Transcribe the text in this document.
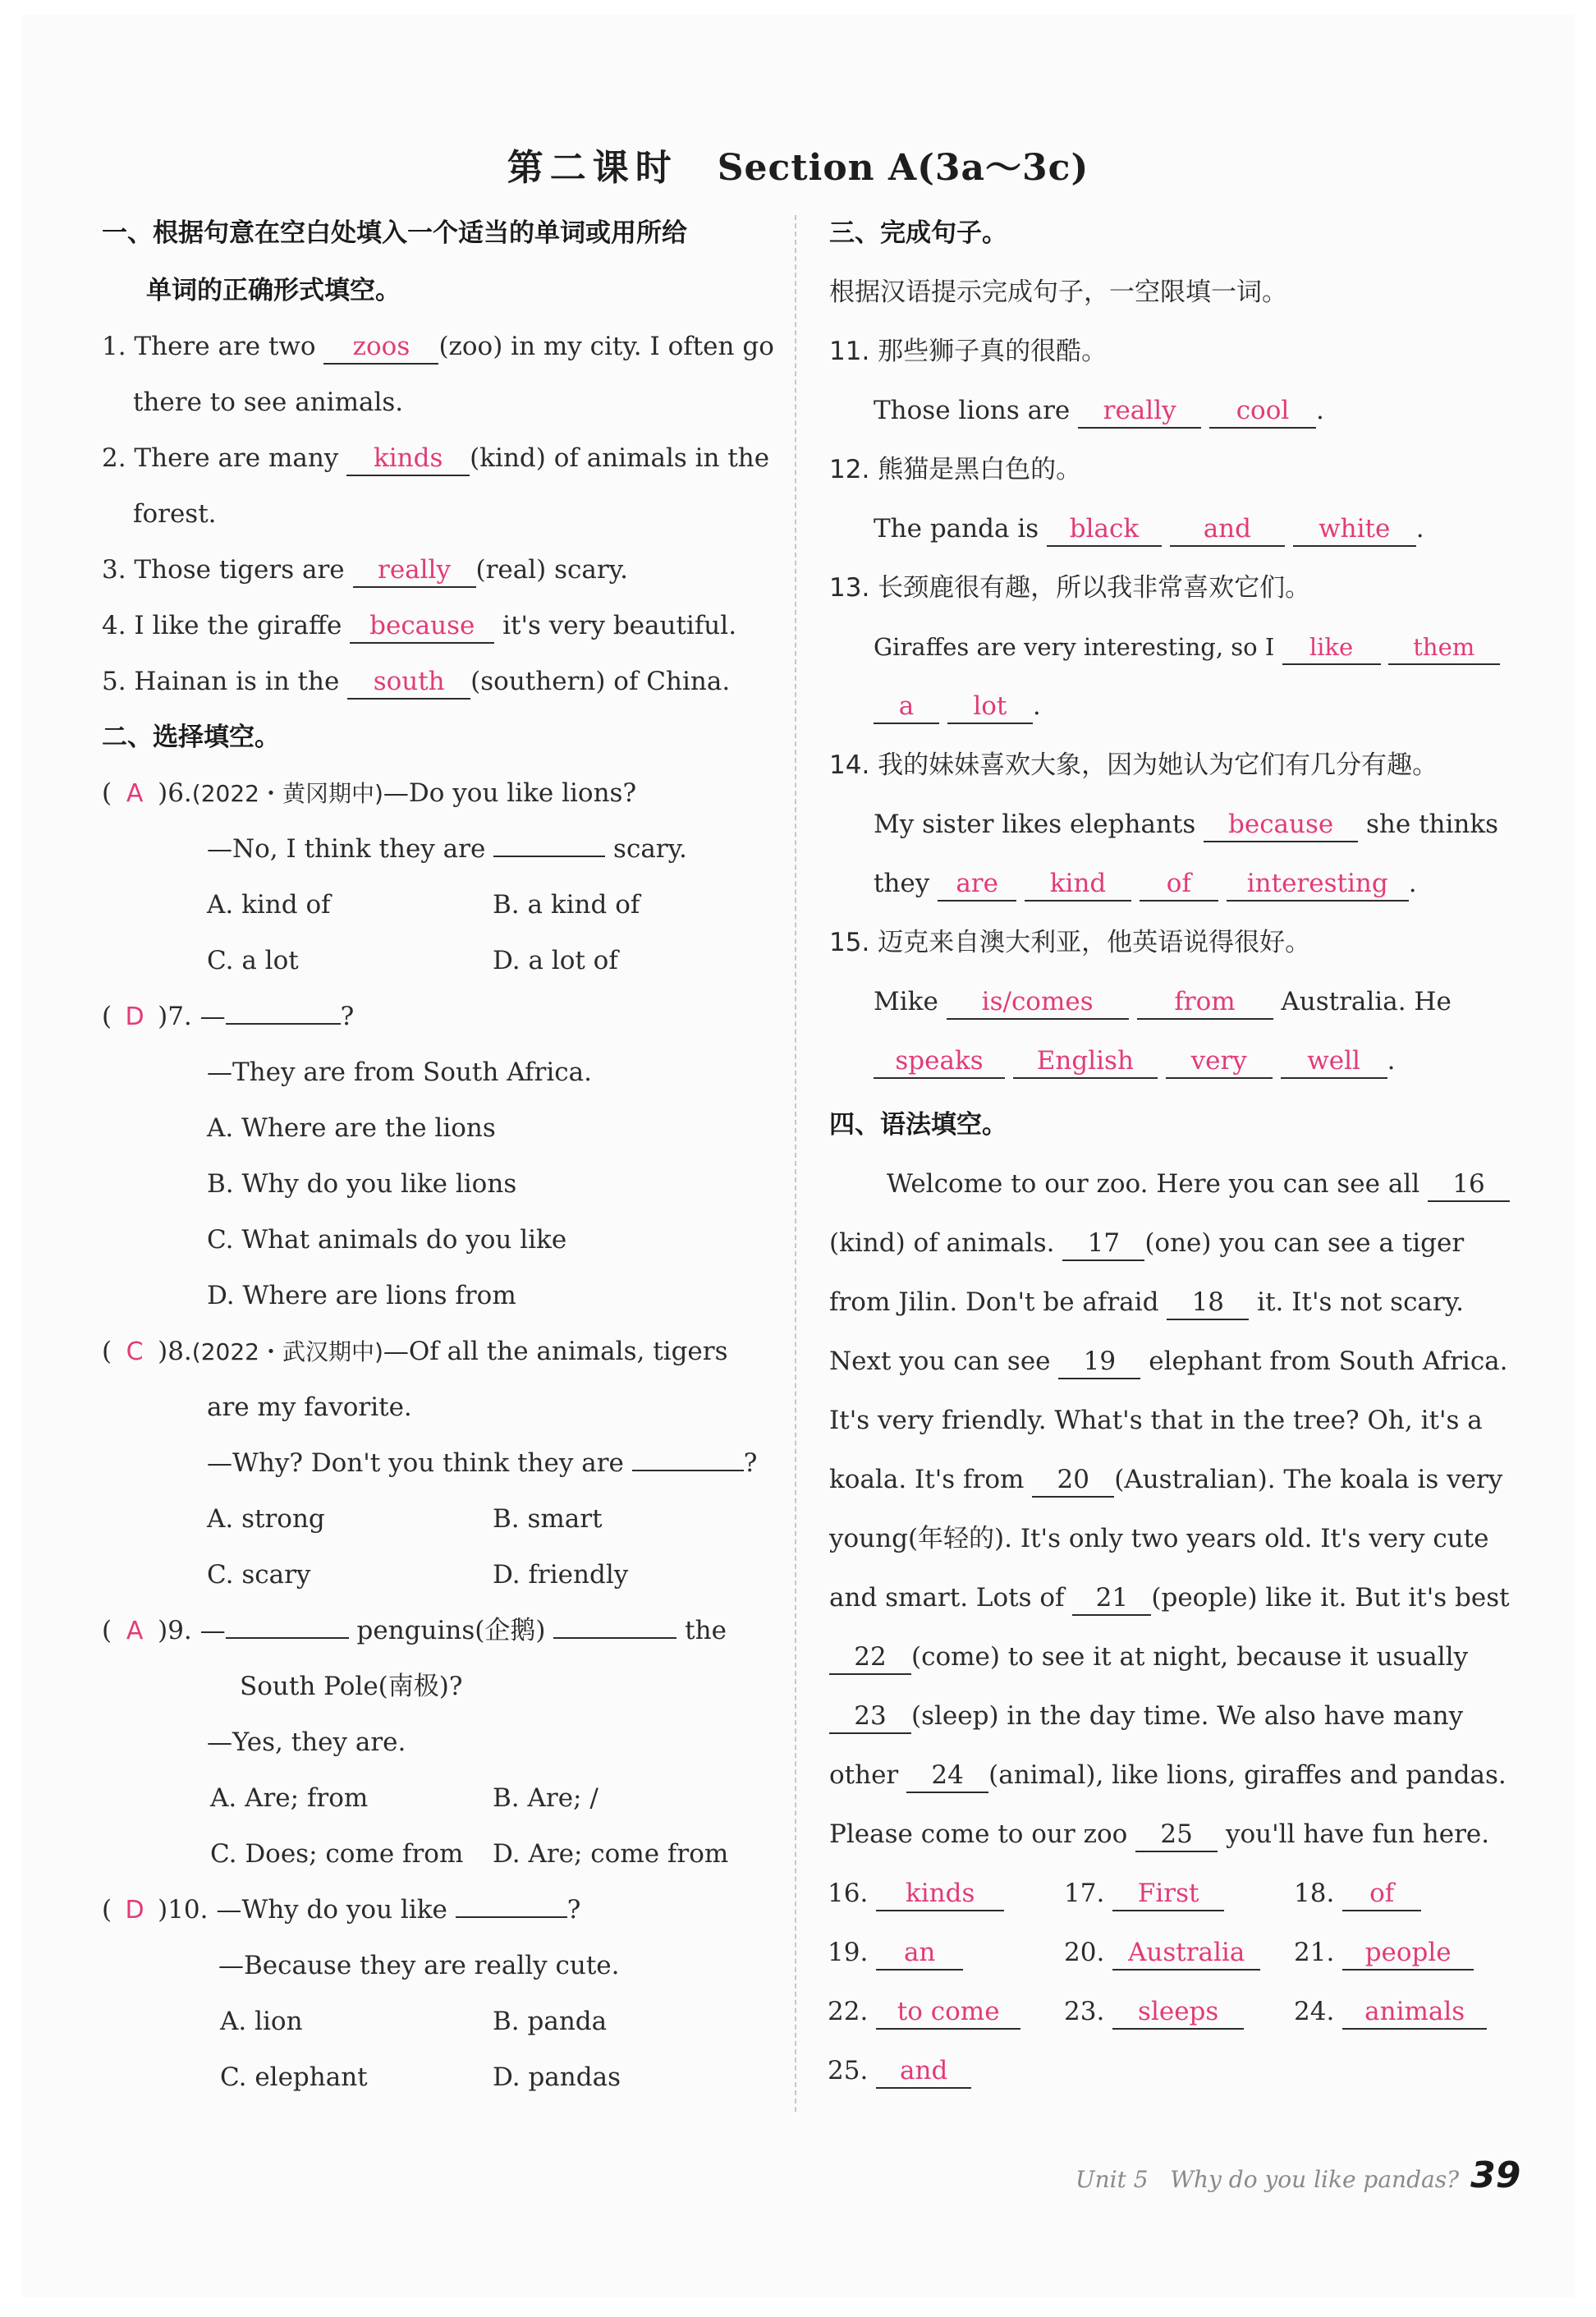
第二课时 Section A(3a～3c)
一、根据句意在空白处填入一个适当的单词或用所给
单词的正确形式填空。
1. There are two zoos (zoo) in my city. I often go
there to see animals.
2. There are many kinds (kind) of animals in the
forest.
3. Those tigers are really (real) scary.
4. I like the giraffe because it's very beautiful.
5. Hainan is in the south (southern) of China.
二、选择填空。
( A )6.(2022・黄冈期中)—Do you like lions?
—No, I think they are	scary.
A. kind of	B. a kind of
C. a lot	D. a lot of
( D )7. —	?
—They are from South Africa.
A. Where are the lions
B. Why do you like lions
C. What animals do you like
D. Where are lions from
( C )8.(2022・武汉期中)—Of all the animals, tigers
are my favorite.
—Why? Don't you think they are	?
A. strong	B. smart
C. scary	D. friendly
( A )9. —	penguins(企鹅)	the
South Pole(南极)?
—Yes, they are.
A. Are; from	B. Are; /
C. Does; come from D. Are; come from
( D )10. —Why do you like	?
—Because they are really cute.
A. lion	B. panda
C. elephant	D. pandas
三、完成句子。
根据汉语提示完成句子，一空限填一词。
11. 那些狮子真的很酷。
Those lions are really cool .
12. 熊猫是黑白色的。
The panda is black	and	white .
13. 长颈鹿很有趣，所以我非常喜欢它们。
Giraffes are very interesting, so I like	them
a lot .
14. 我的妹妹喜欢大象，因为她认为它们有几分有趣。
My sister likes elephants because she thinks
they are kind of interesting .
15. 迈克来自澳大利亚，他英语说得很好。
Mike is/comes	from Australia. He
speaks English very well .
四、语法填空。
Welcome to our zoo. Here you can see all 16
(kind) of animals. 17 (one) you can see a tiger
from Jilin. Don't be afraid 18 it. It's not scary.
Next you can see 19 elephant from South Africa.
It's very friendly. What's that in the tree? Oh, it's a
koala. It's from 20 (Australian). The koala is very
young(年轻的). It's only two years old. It's very cute
and smart. Lots of 21 (people) like it. But it's best
22 (come) to see it at night, because it usually
23 (sleep) in the day time. We also have many
other 24 (animal), like lions, giraffes and pandas.
Please come to our zoo 25 you'll have fun here.
16. kinds	17. First	18. of
19. an	20. Australia	21. people
22. to come	23. sleeps	24. animals
25. and
Unit 5 Why do you like pandas? 39
